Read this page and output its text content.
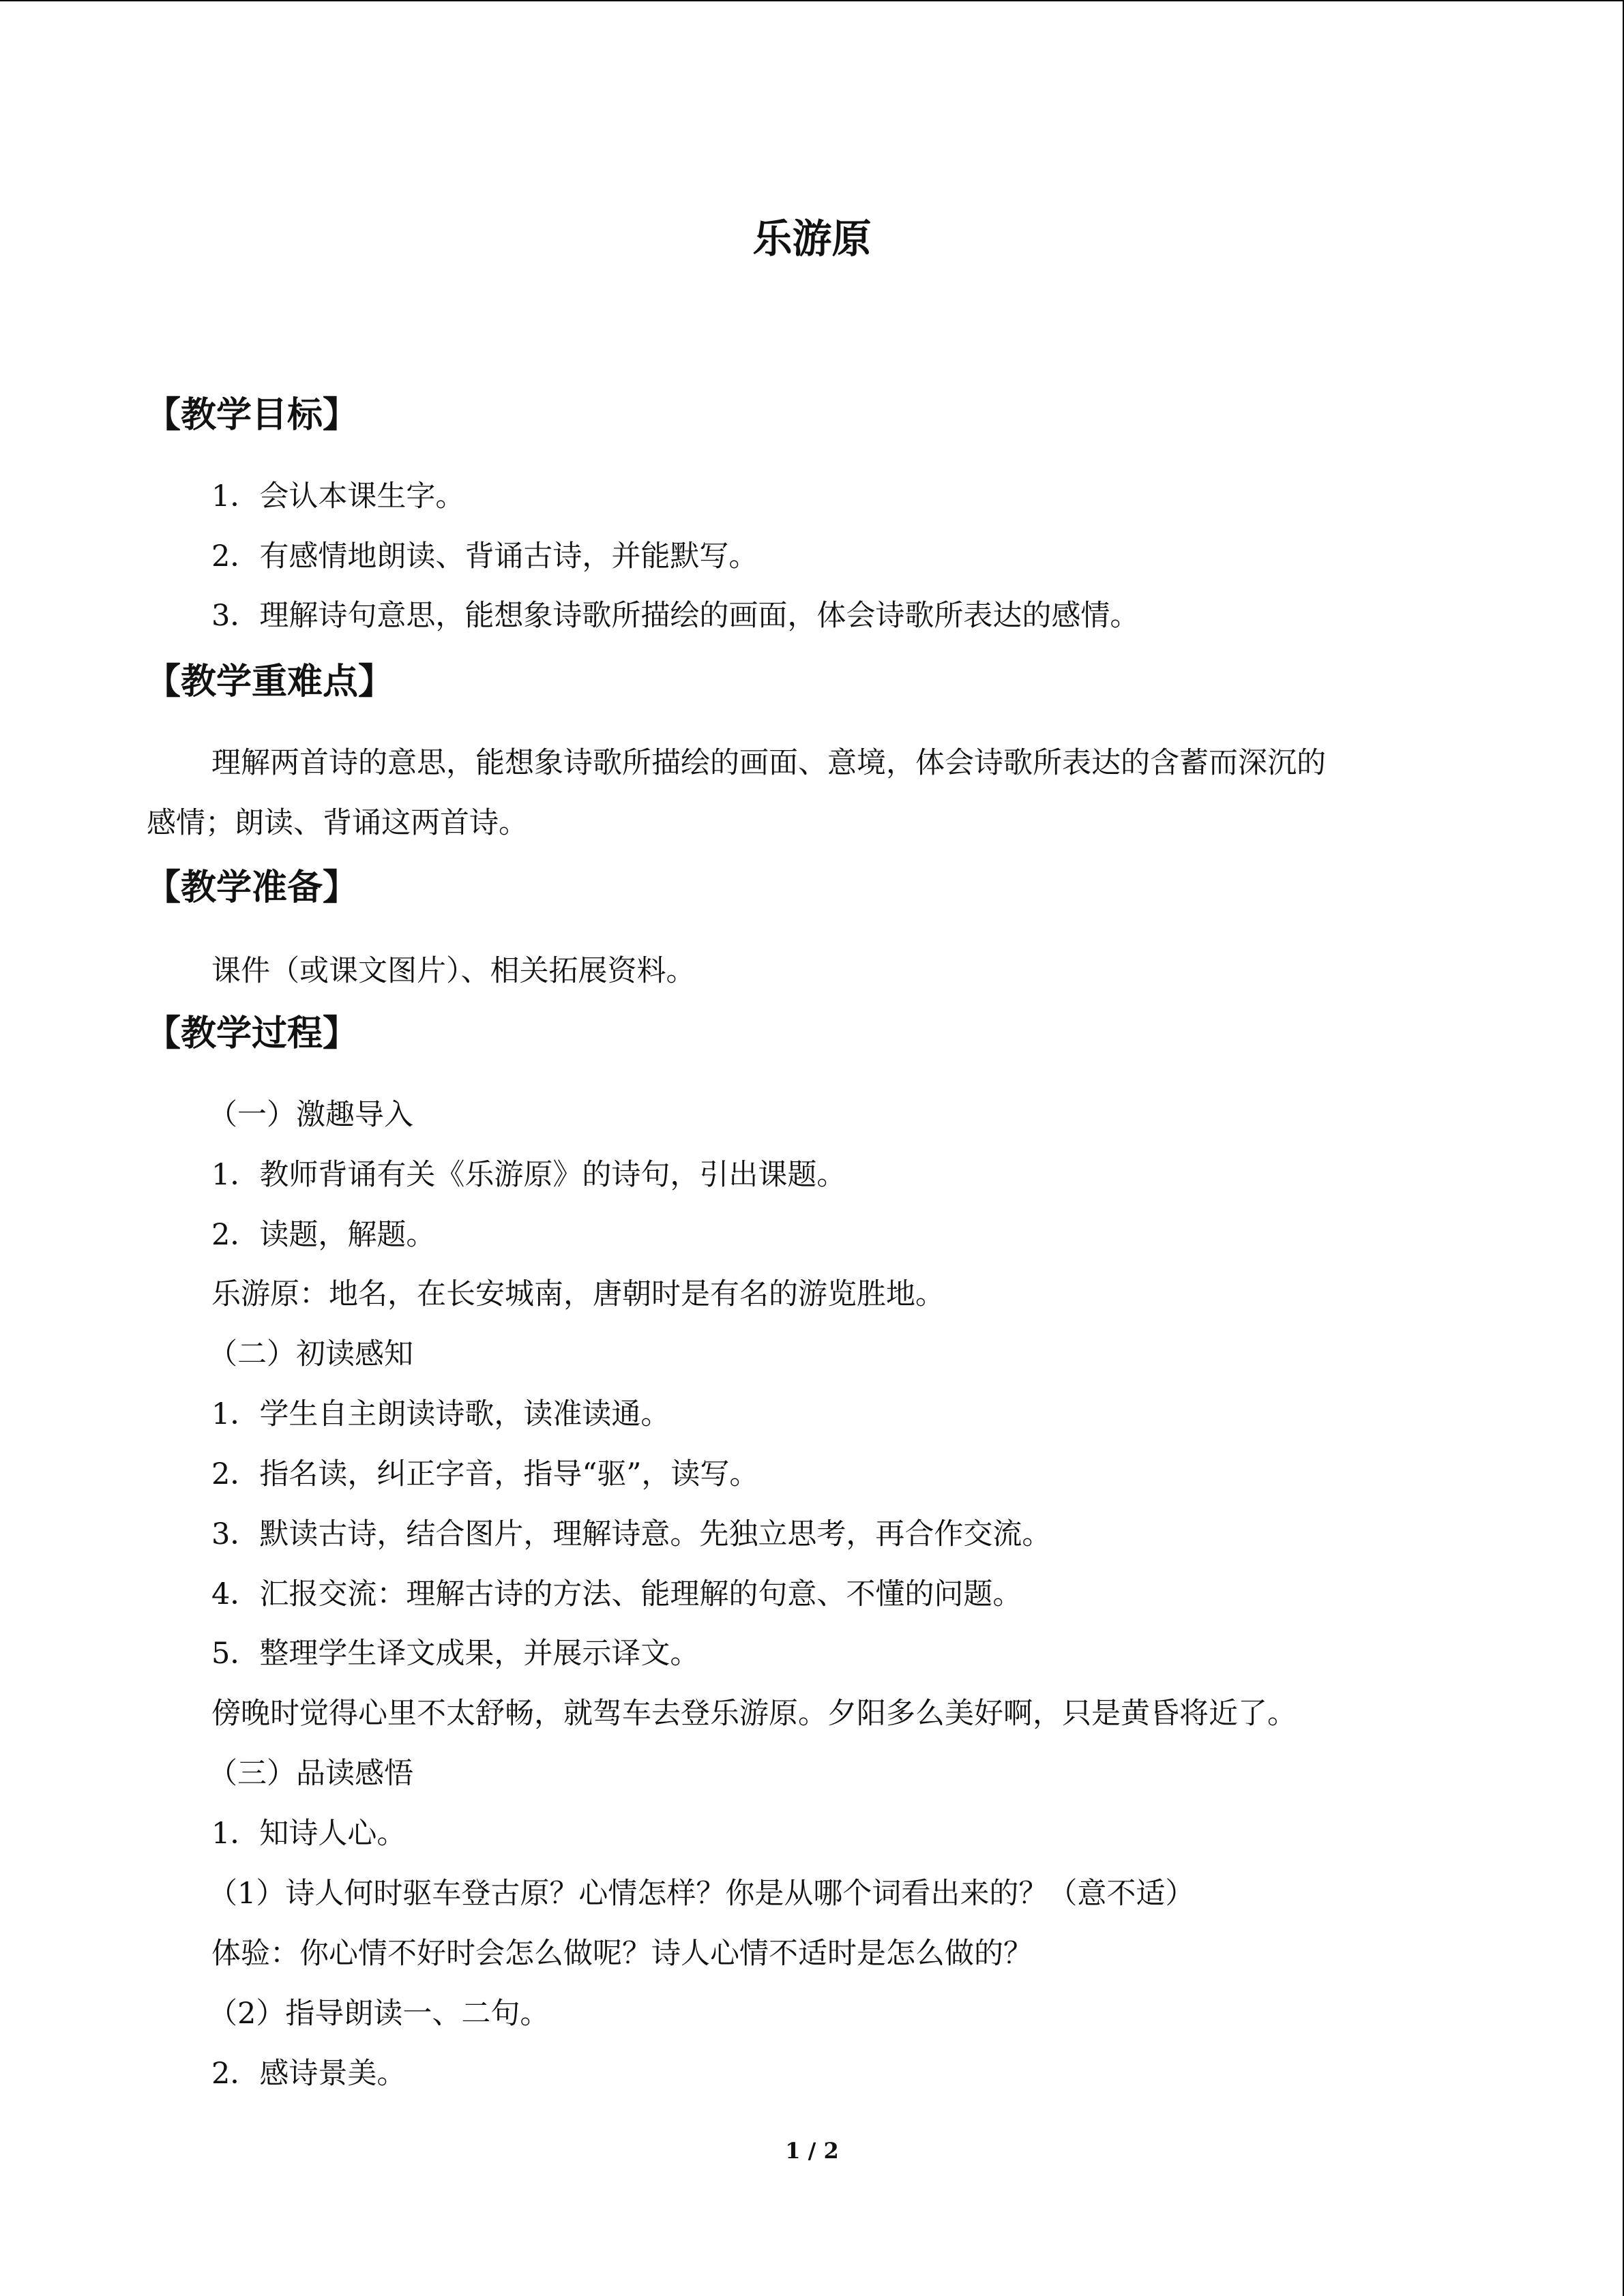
乐游原
【教学目标】

1．会认本课生字。

2．有感情地朗读、背诵古诗，并能默写。

3．理解诗句意思，能想象诗歌所描绘的画面，体会诗歌所表达的感情。

【教学重难点】

理解两首诗的意思，能想象诗歌所描绘的画面、意境，体会诗歌所表达的含蓄而深沉的

感情；朗读、背诵这两首诗。

【教学准备】

课件（或课文图片）、相关拓展资料。

【教学过程】

（一）激趣导入

1．教师背诵有关《乐游原》的诗句，引出课题。

2．读题，解题。

乐游原：地名，在长安城南，唐朝时是有名的游览胜地。

（二）初读感知

1．学生自主朗读诗歌，读准读通。

2．指名读，纠正字音，指导“驱”，读写。

3．默读古诗，结合图片，理解诗意。先独立思考，再合作交流。

4．汇报交流：理解古诗的方法、能理解的句意、不懂的问题。

5．整理学生译文成果，并展示译文。

傍晚时觉得心里不太舒畅，就驾车去登乐游原。夕阳多么美好啊，只是黄昏将近了。

（三）品读感悟

1．知诗人心。

（1）诗人何时驱车登古原？心情怎样？你是从哪个词看出来的？（意不适）

体验：你心情不好时会怎么做呢？诗人心情不适时是怎么做的？

（2）指导朗读一、二句。

2．感诗景美。

1 / 2
